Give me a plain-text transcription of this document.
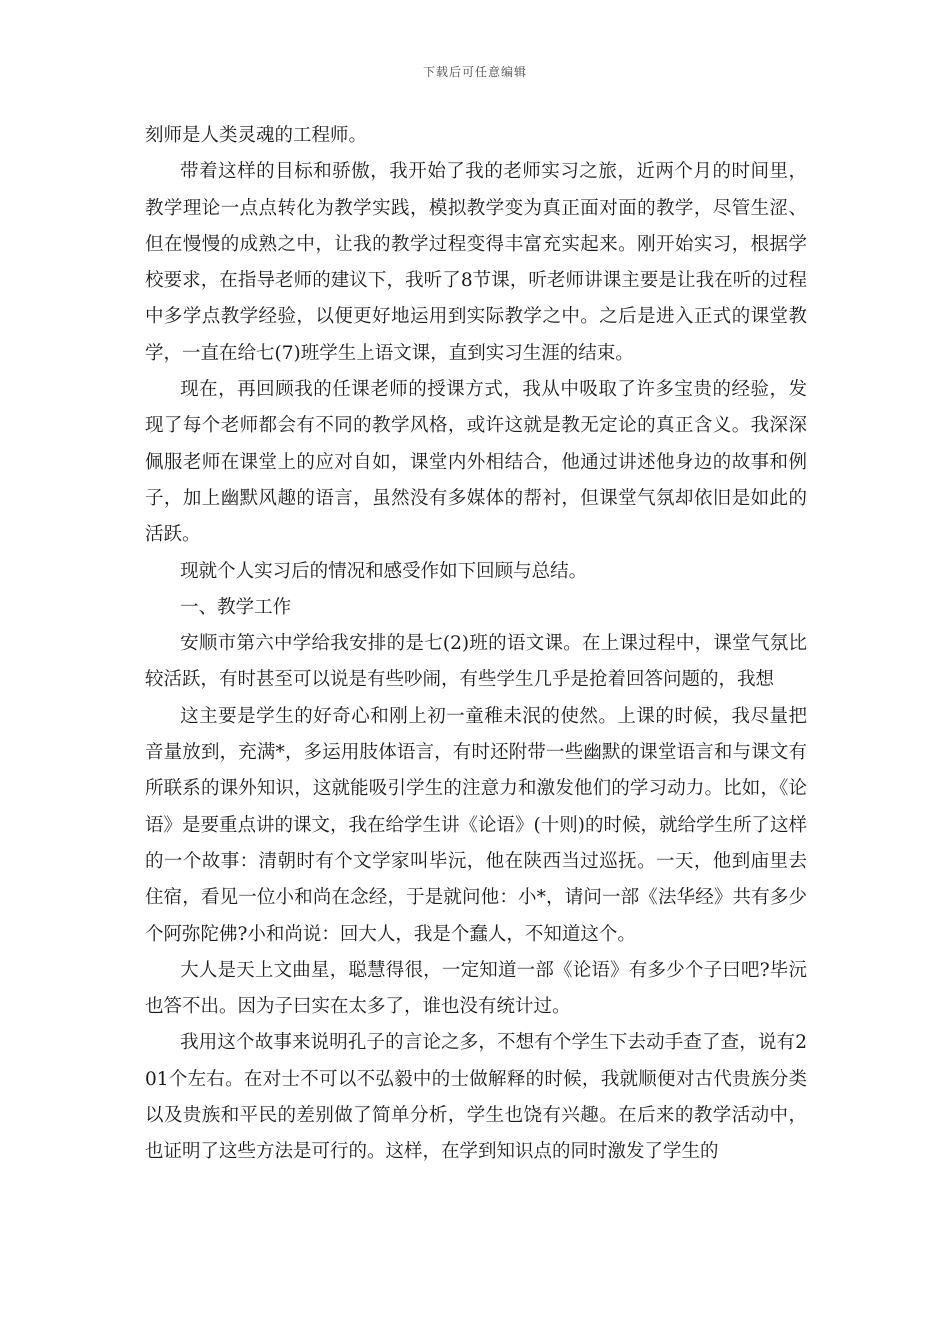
下载后可任意编辑

刻师是人类灵魂的工程师。

带着这样的目标和骄傲，我开始了我的老师实习之旅，近两个月的时间里，教学理论一点点转化为教学实践，模拟教学变为真正面对面的教学，尽管生涩、但在慢慢的成熟之中，让我的教学过程变得丰富充实起来。刚开始实习，根据学校要求，在指导老师的建议下，我听了8节课，听老师讲课主要是让我在听的过程中多学点教学经验，以便更好地运用到实际教学之中。之后是进入正式的课堂教学，一直在给七(7)班学生上语文课，直到实习生涯的结束。

现在，再回顾我的任课老师的授课方式，我从中吸取了许多宝贵的经验，发现了每个老师都会有不同的教学风格，或许这就是教无定论的真正含义。我深深佩服老师在课堂上的应对自如，课堂内外相结合，他通过讲述他身边的故事和例子，加上幽默风趣的语言，虽然没有多媒体的帮衬，但课堂气氛却依旧是如此的活跃。

现就个人实习后的情况和感受作如下回顾与总结。

一、教学工作

安顺市第六中学给我安排的是七(2)班的语文课。在上课过程中，课堂气氛比较活跃，有时甚至可以说是有些吵闹，有些学生几乎是抢着回答问题的，我想

这主要是学生的好奇心和刚上初一童稚未泯的使然。上课的时候，我尽量把音量放到，充满*，多运用肢体语言，有时还附带一些幽默的课堂语言和与课文有所联系的课外知识，这就能吸引学生的注意力和激发他们的学习动力。比如，《论语》是要重点讲的课文，我在给学生讲《论语》(十则)的时候，就给学生所了这样的一个故事：清朝时有个文学家叫毕沅，他在陕西当过巡抚。一天，他到庙里去住宿，看见一位小和尚在念经，于是就问他：小*，请问一部《法华经》共有多少个阿弥陀佛?小和尚说：回大人，我是个蠢人，不知道这个。

大人是天上文曲星，聪慧得很，一定知道一部《论语》有多少个子曰吧?毕沅也答不出。因为子曰实在太多了，谁也没有统计过。

我用这个故事来说明孔子的言论之多，不想有个学生下去动手查了查，说有201个左右。在对士不可以不弘毅中的士做解释的时候，我就顺便对古代贵族分类以及贵族和平民的差别做了简单分析，学生也饶有兴趣。在后来的教学活动中，也证明了这些方法是可行的。这样，在学到知识点的同时激发了学生的
